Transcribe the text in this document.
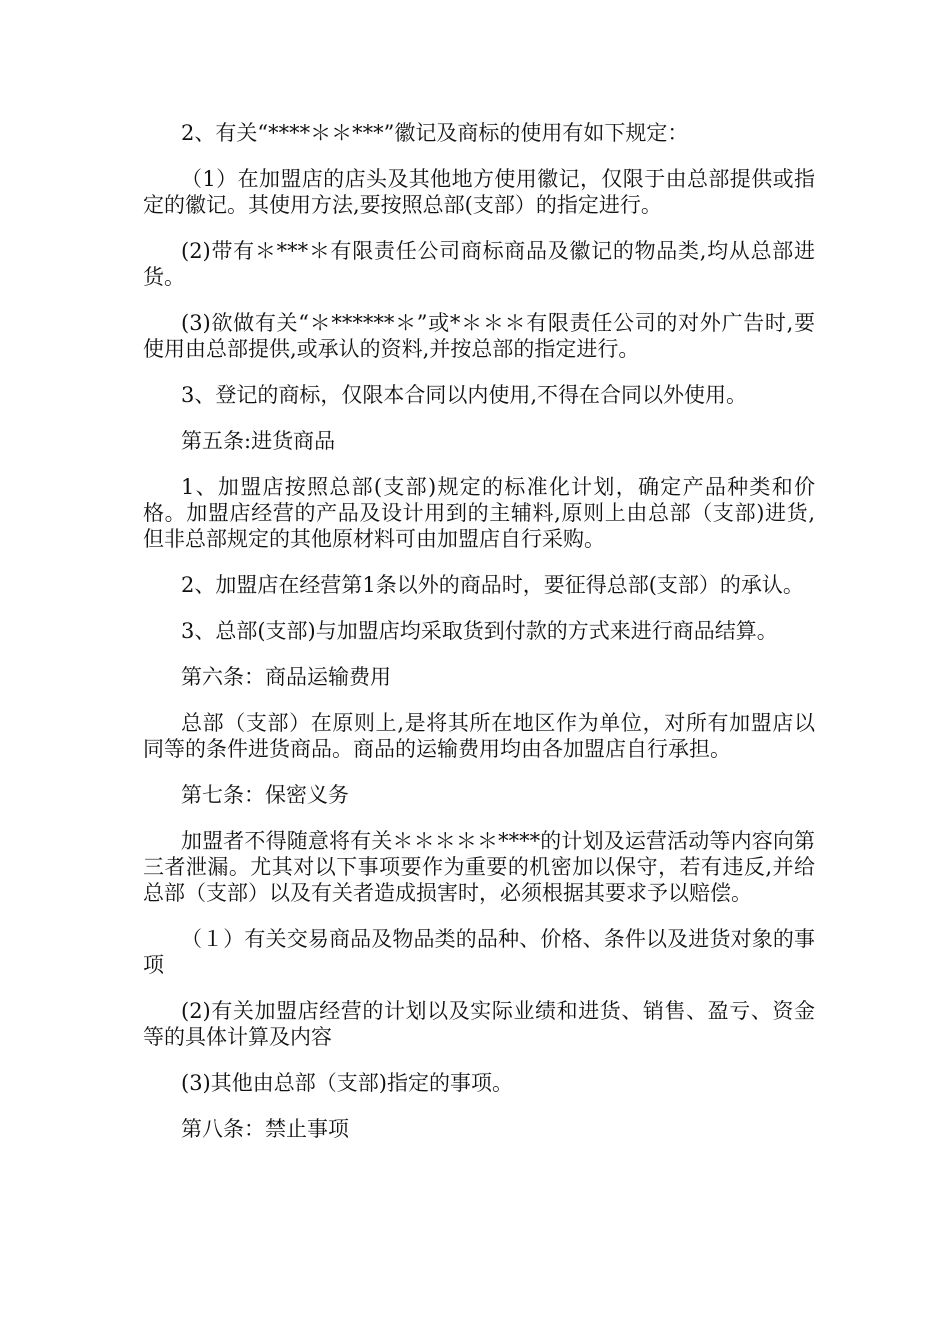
2、有关“****＊＊***”徽记及商标的使用有如下规定：

（1）在加盟店的店头及其他地方使用徽记，仅限于由总部提供或指定的徽记。其使用方法,要按照总部(支部）的指定进行。

(2)带有＊***＊有限责任公司商标商品及徽记的物品类,均从总部进货。

(3)欲做有关“＊******＊”或*＊＊＊有限责任公司的对外广告时,要使用由总部提供,或承认的资料,并按总部的指定进行。

3、登记的商标，仅限本合同以内使用,不得在合同以外使用。

第五条:进货商品

1、加盟店按照总部(支部)规定的标准化计划，确定产品种类和价格。加盟店经营的产品及设计用到的主辅料,原则上由总部（支部)进货,但非总部规定的其他原材料可由加盟店自行采购。

2、加盟店在经营第1条以外的商品时，要征得总部(支部）的承认。

3、总部(支部)与加盟店均采取货到付款的方式来进行商品结算。

第六条：商品运输费用

总部（支部）在原则上,是将其所在地区作为单位，对所有加盟店以同等的条件进货商品。商品的运输费用均由各加盟店自行承担。

第七条：保密义务

加盟者不得随意将有关＊＊＊＊＊****的计划及运营活动等内容向第三者泄漏。尤其对以下事项要作为重要的机密加以保守，若有违反,并给总部（支部）以及有关者造成损害时，必须根据其要求予以赔偿。

（１）有关交易商品及物品类的品种、价格、条件以及进货对象的事项

(2)有关加盟店经营的计划以及实际业绩和进货、销售、盈亏、资金等的具体计算及内容

(3)其他由总部（支部)指定的事项。

第八条：禁止事项
